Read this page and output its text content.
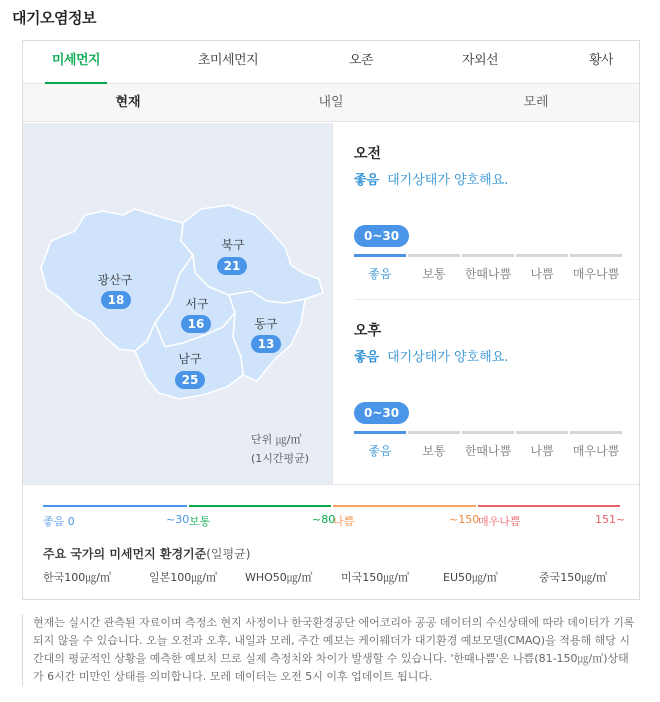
대기오염정보
미세먼지	초미세먼지	오존	자외선	황사
현재	내일	모레
북구
21
광산구
18	서구
16	동구
13
남구
25
단위 ㎍/㎥
(1시간평균)
오전
좋음 대기상태가 양호해요.
0~30
좋음	보통	한때나쁨	나쁨	매우나쁨
오후
좋음 대기상태가 양호해요.
0~30
좋음	보통	한때나쁨	나쁨	매우나쁨
좋음 0	~30 보통	~80
나쁨	~150
매우나쁨	151~
주요 국가의 미세먼지 환경기준(일평균)
한국100㎍/㎥	일본100㎍/㎥	WHO50㎍/㎥	미국150㎍/㎥	EU50㎍/㎥	중국150㎍/㎥
현재는 실시간 관측된 자료이며 측정소 현지 사정이나 한국환경공단 에어코리아 공공 데이터의 수신상태에 따라 데이터가 기록되지 않을 수 있습니다. 오늘 오전과 오후, 내일과 모레, 주간 예보는 케이웨더가 대기환경 예보모델(CMAQ)을 적용해 해당 시간대의 평균적인 상황을 예측한 예보치 므로 실제 측정치와 차이가 발생할 수 있습니다. '한때나쁨'은 나쁨(81-150㎍/㎥)상태가 6시간 미만인 상태를 의미합니다. 모레 데이터는 오전 5시 이후 업데이트 됩니다.
